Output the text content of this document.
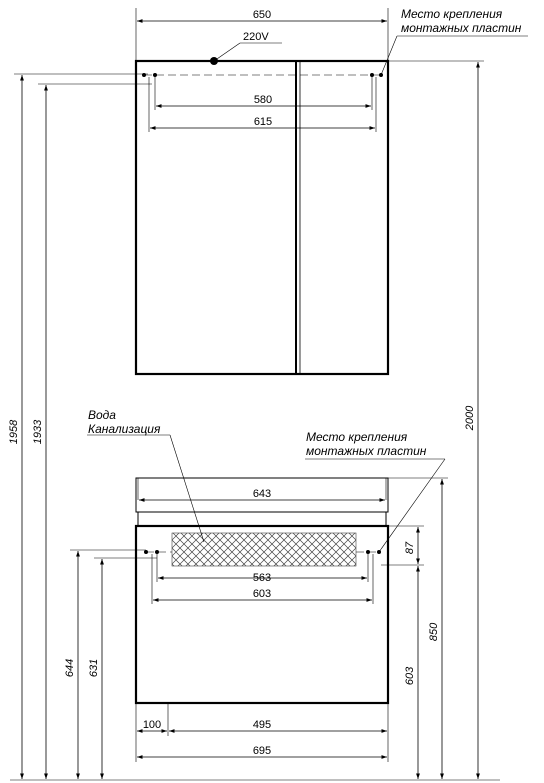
650
220V
580
615
Место крепления
монтажных пластин
1958 1933
2000
643
563
603
Вода
Канализация
Место крепления
монтажных пластин
100	495
695
644 631
87
850
603
